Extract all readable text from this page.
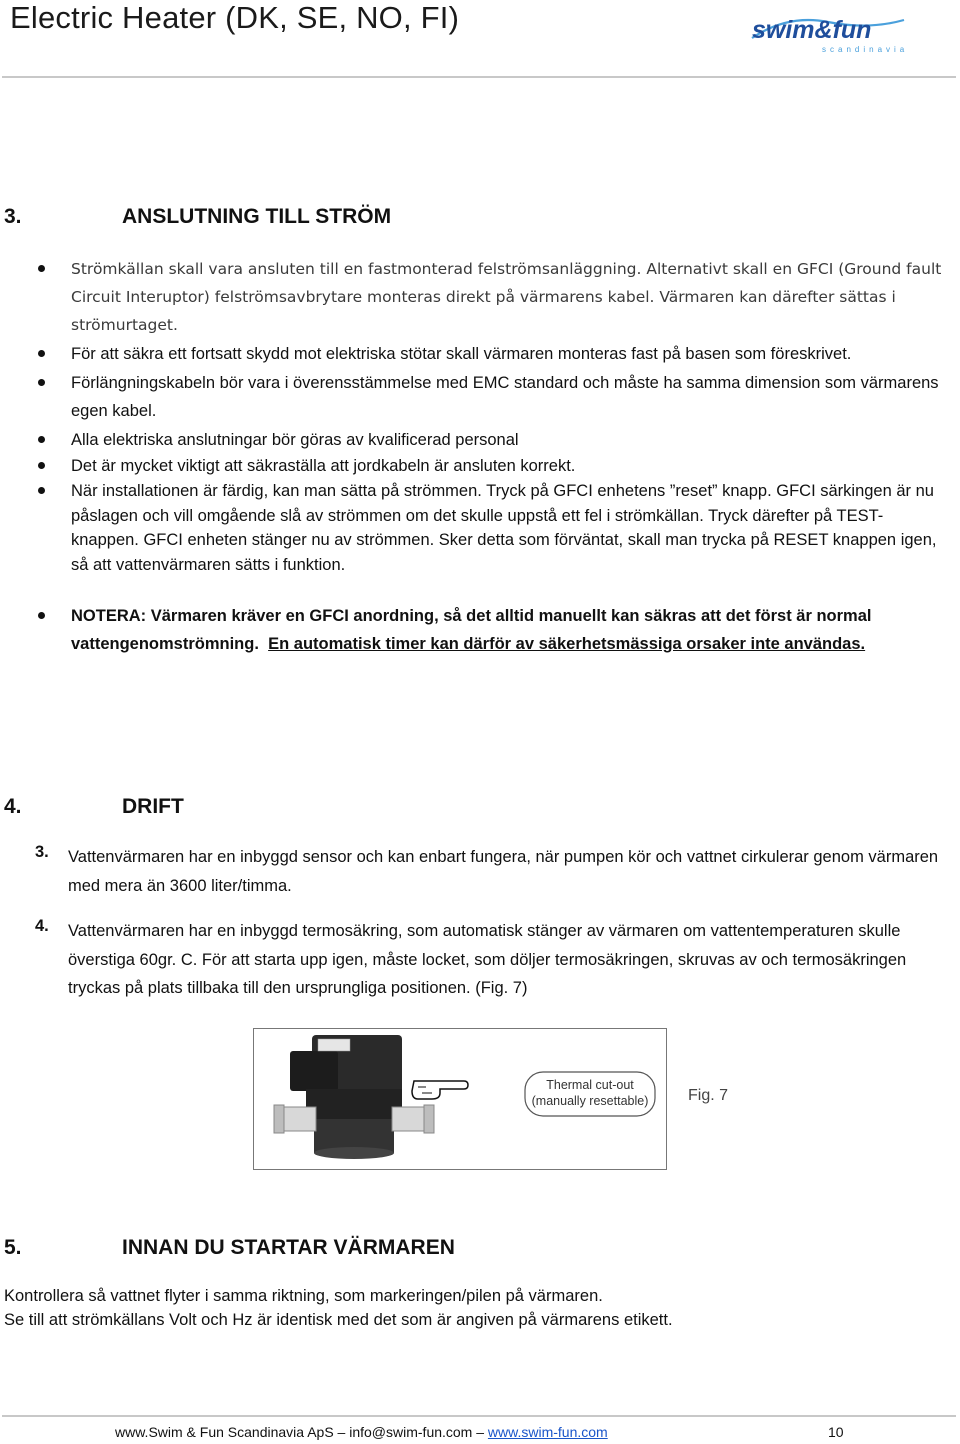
Electric Heater (DK, SE, NO, FI)	swim&fun
scandinavia
3.	ANSLUTNING TILL STRÖM
Strömkällan skall vara ansluten till en fastmonterad felströmsanläggning. Alternativt skall en GFCI (Ground fault Circuit Interuptor) felströmsavbrytare monteras direkt på värmarens kabel. Värmaren kan därefter sättas i strömurtaget.
För att säkra ett fortsatt skydd mot elektriska stötar skall värmaren monteras fast på basen som föreskrivet.
Förlängningskabeln bör vara i överensstämmelse med EMC standard och måste ha samma dimension som värmarens egen kabel.
Alla elektriska anslutningar bör göras av kvalificerad personal
Det är mycket viktigt att säkraställa att jordkabeln är ansluten korrekt.
När installationen är färdig, kan man sätta på strömmen. Tryck på GFCI enhetens ”reset” knapp. GFCI särkingen är nu påslagen och vill omgående slå av strömmen om det skulle uppstå ett fel i strömkällan. Tryck därefter på TEST- knappen. GFCI enheten stänger nu av strömmen. Sker detta som förväntat, skall man trycka på RESET knappen igen, så att vattenvärmaren sätts i funktion.
NOTERA: Värmaren kräver en GFCI anordning, så det alltid manuellt kan säkras att det först är normal vattengenomströmning. En automatisk timer kan därför av säkerhetsmässiga orsaker inte användas.
4.	DRIFT
3. Vattenvärmaren har en inbyggd sensor och kan enbart fungera, när pumpen kör och vattnet cirkulerar genom värmaren med mera än 3600 liter/timma.
4. Vattenvärmaren har en inbyggd termosäkring, som automatisk stänger av värmaren om vattentemperaturen skulle överstiga 60gr. C. För att starta upp igen, måste locket, som döljer termosäkringen, skruvas av och termosäkringen tryckas på plats tillbaka till den ursprungliga positionen. (Fig. 7)
Thermal cut-out
(manually resettable)	Fig. 7
5.	INNAN DU STARTAR VÄRMAREN
Kontrollera så vattnet flyter i samma riktning, som markeringen/pilen på värmaren.
Se till att strömkällans Volt och Hz är identisk med det som är angiven på värmarens etikett.
www.Swim & Fun Scandinavia ApS – info@swim-fun.com – www.swim-fun.com	10
